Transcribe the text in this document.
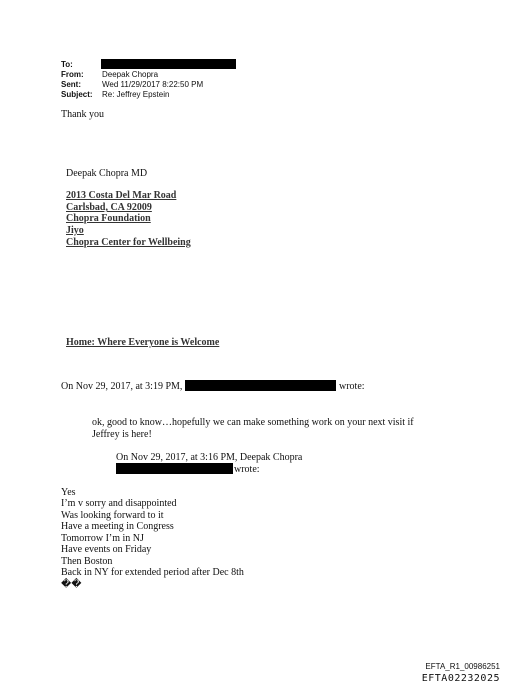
To:
From: Deepak Chopra
Sent:	Wed 11/29/2017 8:22:50 PM
Subject: Re: Jeffrey Epstein
Thank you
Deepak Chopra MD
2013 Costa Del Mar Road
Carlsbad, CA 92009
Chopra Foundation
Jiyo
Chopra Center for Wellbeing
Home: Where Everyone is Welcome
On Nov 29, 2017, at 3:19 PM,	wrote:
ok, good to know…hopefully we can make something work on your next visit if
Jeffrey is here!
On Nov 29, 2017, at 3:16 PM, Deepak Chopra
wrote:
Yes
I’m v sorry and disappointed
Was looking forward to it
Have a meeting in Congress
Tomorrow I’m in NJ
Have events on Friday
Then Boston
Back in NY for extended period after Dec 8th
��
EFTA_R1_00986251
EFTA02232025
